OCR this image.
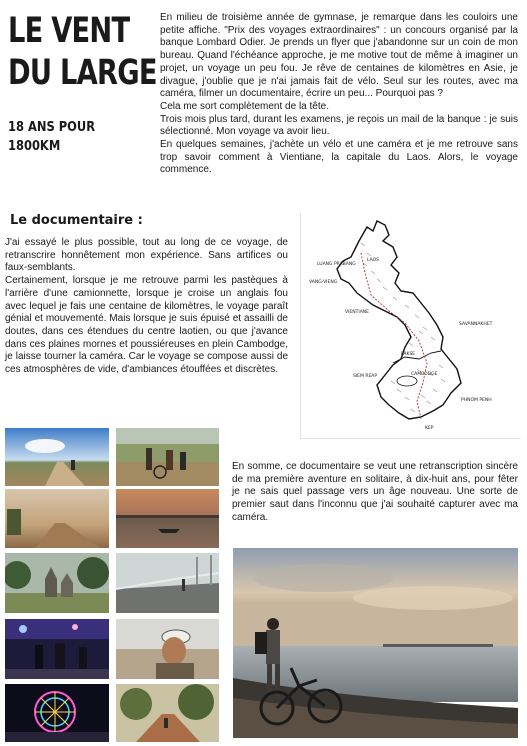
LE VENT
DU LARGE
18 ANS POUR
1800KM

En milieu de troisième année de gymnase, je remarque dans les couloirs une petite affiche. "Prix des voyages extraordinaires" : un concours organisé par la banque Lombard Odier. Je prends un flyer que j'abandonne sur un coin de mon bureau. Quand l'échéance approche, je me motive tout de même à imaginer un projet, un voyage un peu fou. Je rêve de centaines de kilomètres en Asie, je divague, j'oublie que je n'ai jamais fait de vélo. Seul sur les routes, avec ma caméra, filmer un documentaire, écrire un peu... Pourquoi pas ?

Cela me sort complètement de la tête.

Trois mois plus tard, durant les examens, je reçois un mail de la banque : je suis sélectionné. Mon voyage va avoir lieu.

En quelques semaines, j'achète un vélo et une caméra et je me retrouve sans trop savoir comment à Vientiane, la capitale du Laos. Alors, le voyage commence.

Le documentaire :

J'ai essayé le plus possible, tout au long de ce voyage, de retranscrire honnêtement mon expérience. Sans artifices ou faux-semblants.

Certainement, lorsque je me retrouve parmi les pastèques à l'arrière d'une camionnette, lorsque je croise un anglais fou avec lequel je fais une centaine de kilomètres, le voyage paraît génial et mouvementé. Mais lorsque je suis épuisé et assailli de doutes, dans ces étendues du centre laotien, ou que j'avance dans ces plaines mornes et poussiéreuses en plein Cambodge, je laisse tourner la caméra. Car le voyage se compose aussi de ces atmosphères de vide, d'ambiances étouffées et discrètes.

LUANG PRABANG
VANG-VIENG
LAOS
VIENTIANE
SAVANNAKHET
PAKSE
CAMBODGE
SIEM REAP
PHNOM PENH
KEP
En somme, ce documentaire se veut une retranscription sincère de ma première aventure en solitaire, à dix-huit ans, pour fêter je ne sais quel passage vers un âge nouveau. Une sorte de premier saut dans l'inconnu que j'ai souhaité capturer avec ma caméra.
